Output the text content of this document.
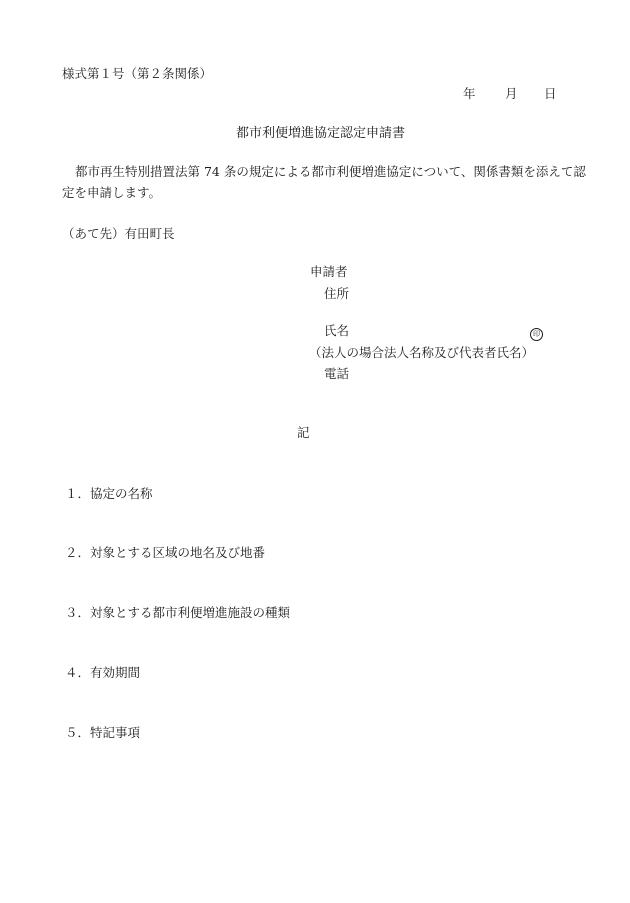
様式第１号（第２条関係）
年 月 日
都市利便増進協定認定申請書
都市再生特別措置法第 74 条の規定による都市利便増進協定について、関係書類を添えて認定を申請します。
（あて先）有田町長
申請者
住所
氏名	印
（法人の場合法人名称及び代表者氏名）
電話
記
１．協定の名称
２．対象とする区域の地名及び地番
３．対象とする都市利便増進施設の種類
４．有効期間
５．特記事項
